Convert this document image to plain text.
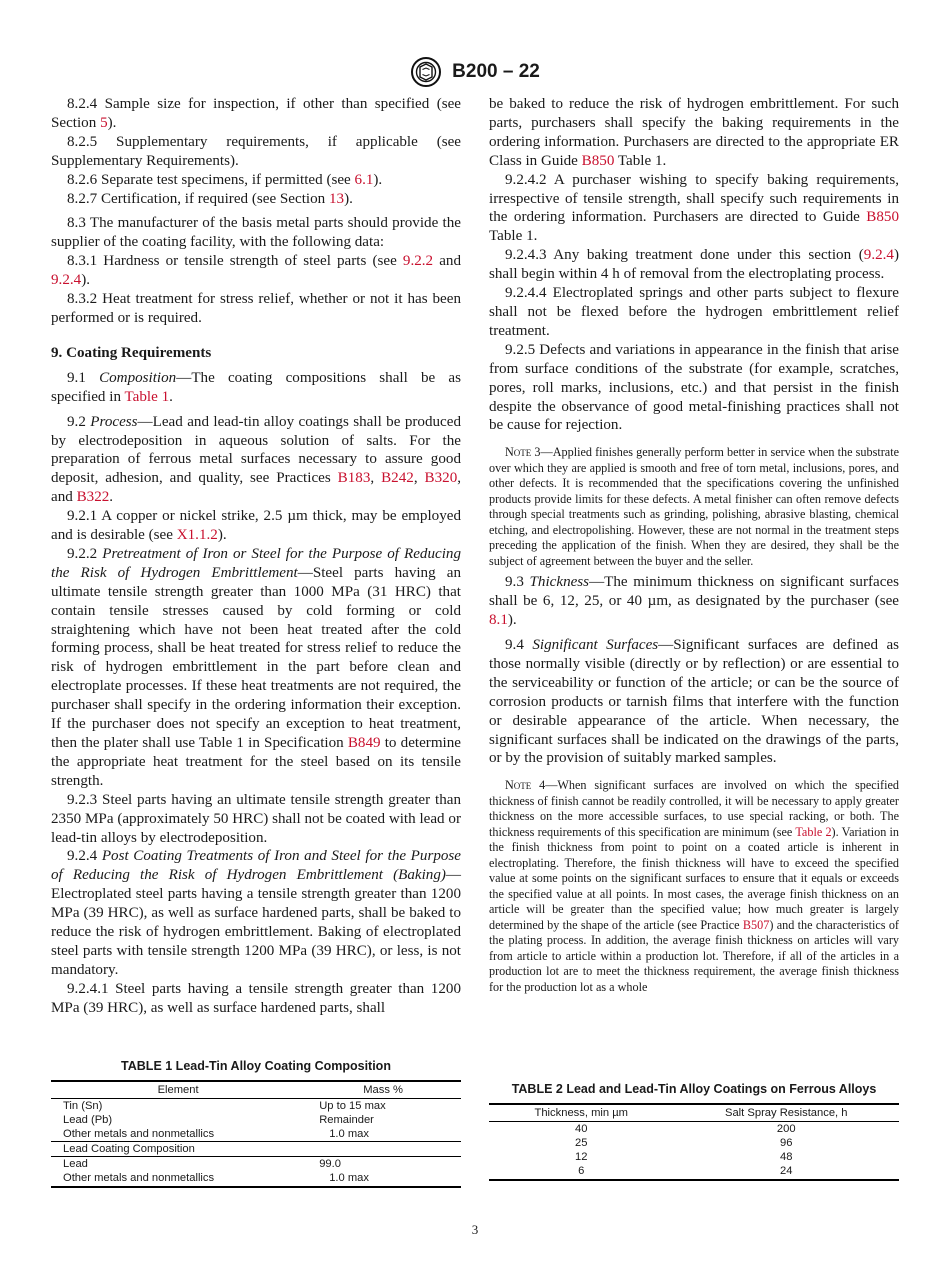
B200 – 22

8.2.4 Sample size for inspection, if other than specified (see Section 5).

8.2.5 Supplementary requirements, if applicable (see Supplementary Requirements).

8.2.6 Separate test specimens, if permitted (see 6.1).

8.2.7 Certification, if required (see Section 13).

8.3 The manufacturer of the basis metal parts should provide the supplier of the coating facility, with the following data:

8.3.1 Hardness or tensile strength of steel parts (see 9.2.2 and 9.2.4).

8.3.2 Heat treatment for stress relief, whether or not it has been performed or is required.

9. Coating Requirements

9.1 Composition—The coating compositions shall be as specified in Table 1.

9.2 Process—Lead and lead-tin alloy coatings shall be produced by electrodeposition in aqueous solution of salts. For the preparation of ferrous metal surfaces necessary to assure good deposit, adhesion, and quality, see Practices B183, B242, B320, and B322.

9.2.1 A copper or nickel strike, 2.5 µm thick, may be employed and is desirable (see X1.1.2).

9.2.2 Pretreatment of Iron or Steel for the Purpose of Reducing the Risk of Hydrogen Embrittlement—Steel parts having an ultimate tensile strength greater than 1000 MPa (31 HRC) that contain tensile stresses caused by cold forming or cold straightening which have not been heat treated after the cold forming process, shall be heat treated for stress relief to reduce the risk of hydrogen embrittlement in the part before clean and electroplate processes. If these heat treatments are not required, the purchaser shall specify in the ordering information their exception. If the purchaser does not specify an exception to heat treatment, then the plater shall use Table 1 in Specification B849 to determine the appropriate heat treatment for the steel based on its tensile strength.

9.2.3 Steel parts having an ultimate tensile strength greater than 2350 MPa (approximately 50 HRC) shall not be coated with lead or lead-tin alloys by electrodeposition.

9.2.4 Post Coating Treatments of Iron and Steel for the Purpose of Reducing the Risk of Hydrogen Embrittlement (Baking)—Electroplated steel parts having a tensile strength greater than 1200 MPa (39 HRC), as well as surface hardened parts, shall be baked to reduce the risk of hydrogen embrittlement. Baking of electroplated steel parts with tensile strength 1200 MPa (39 HRC), or less, is not mandatory.

9.2.4.1 Steel parts having a tensile strength greater than 1200 MPa (39 HRC), as well as surface hardened parts, shall

be baked to reduce the risk of hydrogen embrittlement. For such parts, purchasers shall specify the baking requirements in the ordering information. Purchasers are directed to the appropriate ER Class in Guide B850 Table 1.

9.2.4.2 A purchaser wishing to specify baking requirements, irrespective of tensile strength, shall specify such requirements in the ordering information. Purchasers are directed to Guide B850 Table 1.

9.2.4.3 Any baking treatment done under this section (9.2.4) shall begin within 4 h of removal from the electroplating process.

9.2.4.4 Electroplated springs and other parts subject to flexure shall not be flexed before the hydrogen embrittlement relief treatment.

9.2.5 Defects and variations in appearance in the finish that arise from surface conditions of the substrate (for example, scratches, pores, roll marks, inclusions, etc.) and that persist in the finish despite the observance of good metal-finishing practices shall not be cause for rejection.

Note 3—Applied finishes generally perform better in service when the substrate over which they are applied is smooth and free of torn metal, inclusions, pores, and other defects. It is recommended that the specifications covering the unfinished products provide limits for these defects. A metal finisher can often remove defects through special treatments such as grinding, polishing, abrasive blasting, chemical etching, and electropolishing. However, these are not normal in the treatment steps preceding the application of the finish. When they are desired, they shall be the subject of agreement between the buyer and the seller.

9.3 Thickness—The minimum thickness on significant surfaces shall be 6, 12, 25, or 40 µm, as designated by the purchaser (see 8.1).

9.4 Significant Surfaces—Significant surfaces are defined as those normally visible (directly or by reflection) or are essential to the serviceability or function of the article; or can be the source of corrosion products or tarnish films that interfere with the function or desirable appearance of the article. When necessary, the significant surfaces shall be indicated on the drawings of the parts, or by the provision of suitably marked samples.

Note 4—When significant surfaces are involved on which the specified thickness of finish cannot be readily controlled, it will be necessary to apply greater thickness on the more accessible surfaces, to use special racking, or both. The thickness requirements of this specification are minimum (see Table 2). Variation in the finish thickness from point to point on a coated article is inherent in electroplating. Therefore, the finish thickness will have to exceed the specified value at some points on the significant surfaces to ensure that it equals or exceeds the specified value at all points. In most cases, the average finish thickness on an article will be greater than the specified value; how much greater is largely determined by the shape of the article (see Practice B507) and the characteristics of the plating process. In addition, the average finish thickness on articles will vary from article to article within a production lot. Therefore, if all of the articles in a production lot are to meet the thickness requirement, the average finish thickness for the production lot as a whole

TABLE 1 Lead-Tin Alloy Coating Composition
Element	Mass %
Tin (Sn)	Up to 15 max
Lead (Pb)	Remainder
Other metals and nonmetallics	1.0 max
Lead Coating Composition	
Lead	99.0
Other metals and nonmetallics	1.0 max
TABLE 2 Lead and Lead-Tin Alloy Coatings on Ferrous Alloys
Thickness, min µm	Salt Spray Resistance, h
40	200
25	96
12	48
6	24
3
